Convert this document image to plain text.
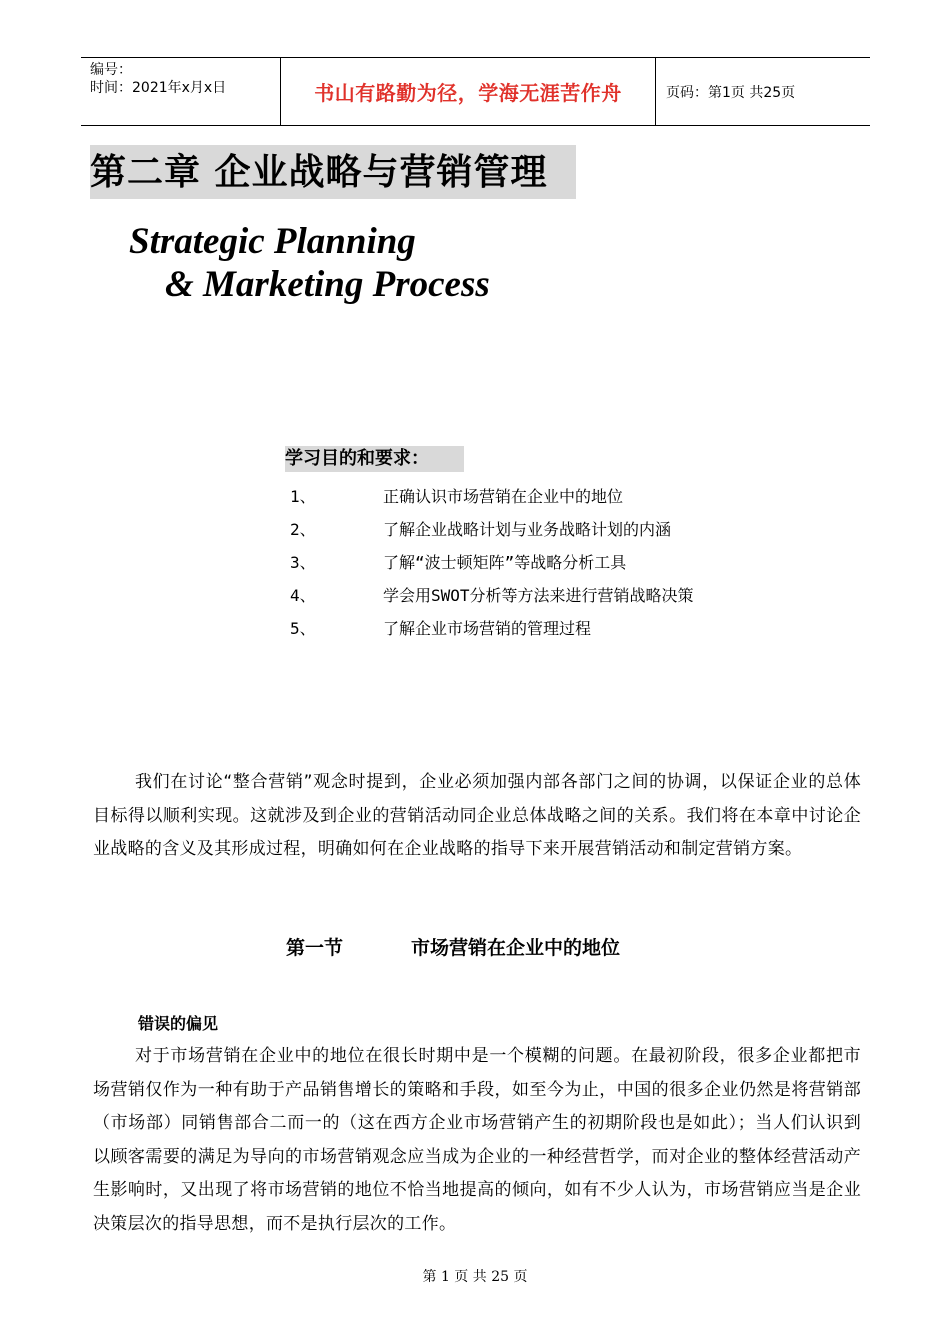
编号：
时间：2021年x月x日	书山有路勤为径，学海无涯苦作舟	页码：第1页 共25页
第二章 企业战略与营销管理
Strategic Planning
& Marketing Process
学习目的和要求：
1、	正确认识市场营销在企业中的地位
2、	了解企业战略计划与业务战略计划的内涵
3、	了解“波士顿矩阵”等战略分析工具
4、	学会用SWOT分析等方法来进行营销战略决策
5、	了解企业市场营销的管理过程

我们在讨论“整合营销”观念时提到，企业必须加强内部各部门之间的协调，以保证企业的总体目标得以顺利实现。这就涉及到企业的营销活动同企业总体战略之间的关系。我们将在本章中讨论企业战略的含义及其形成过程，明确如何在企业战略的指导下来开展营销活动和制定营销方案。

第一节	市场营销在企业中的地位
错误的偏见

对于市场营销在企业中的地位在很长时期中是一个模糊的问题。在最初阶段，很多企业都把市场营销仅作为一种有助于产品销售增长的策略和手段，如至今为止，中国的很多企业仍然是将营销部（市场部）同销售部合二而一的（这在西方企业市场营销产生的初期阶段也是如此）；当人们认识到以顾客需要的满足为导向的市场营销观念应当成为企业的一种经营哲学，而对企业的整体经营活动产生影响时，又出现了将市场营销的地位不恰当地提高的倾向，如有不少人认为，市场营销应当是企业决策层次的指导思想，而不是执行层次的工作。

第 1 页 共 25 页
